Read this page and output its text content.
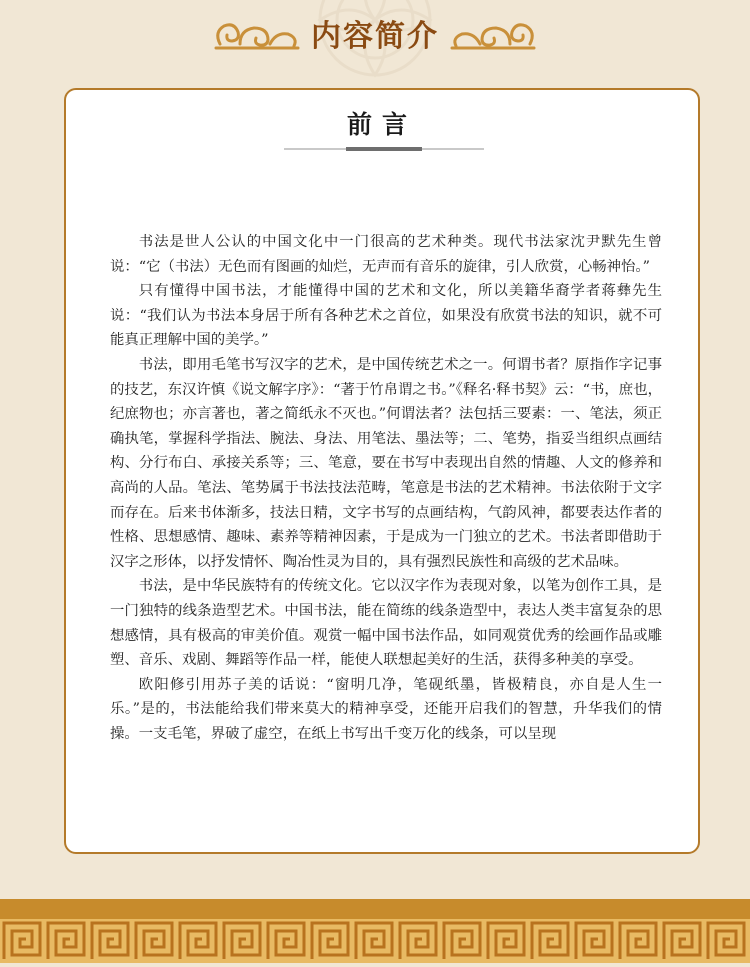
内容简介
前言

书法是世人公认的中国文化中一门很高的艺术种类。现代书法家沈尹默先生曾说：“它（书法）无色而有图画的灿烂，无声而有音乐的旋律，引人欣赏，心畅神怡。”

只有懂得中国书法，才能懂得中国的艺术和文化，所以美籍华裔学者蒋彝先生说：“我们认为书法本身居于所有各种艺术之首位，如果没有欣赏书法的知识，就不可能真正理解中国的美学。”

书法，即用毛笔书写汉字的艺术，是中国传统艺术之一。何谓书者？原指作字记事的技艺，东汉许慎《说文解字序》：“著于竹帛谓之书。”《释名·释书契》云：“书，庶也，纪庶物也；亦言著也，著之简纸永不灭也。”何谓法者？法包括三要素：一、笔法，须正确执笔，掌握科学指法、腕法、身法、用笔法、墨法等；二、笔势，指妥当组织点画结构、分行布白、承接关系等；三、笔意，要在书写中表现出自然的情趣、人文的修养和高尚的人品。笔法、笔势属于书法技法范畴，笔意是书法的艺术精神。书法依附于文字而存在。后来书体渐多，技法日精，文字书写的点画结构，气韵风神，都要表达作者的性格、思想感情、趣味、素养等精神因素，于是成为一门独立的艺术。书法者即借助于汉字之形体，以抒发情怀、陶冶性灵为目的，具有强烈民族性和高级的艺术品味。

书法，是中华民族特有的传统文化。它以汉字作为表现对象，以笔为创作工具，是一门独特的线条造型艺术。中国书法，能在简练的线条造型中，表达人类丰富复杂的思想感情，具有极高的审美价值。观赏一幅中国书法作品，如同观赏优秀的绘画作品或雕塑、音乐、戏剧、舞蹈等作品一样，能使人联想起美好的生活，获得多种美的享受。

欧阳修引用苏子美的话说：“窗明几净，笔砚纸墨，皆极精良，亦自是人生一乐。”是的，书法能给我们带来莫大的精神享受，还能开启我们的智慧，升华我们的情操。一支毛笔，界破了虚空，在纸上书写出千变万化的线条，可以呈现
